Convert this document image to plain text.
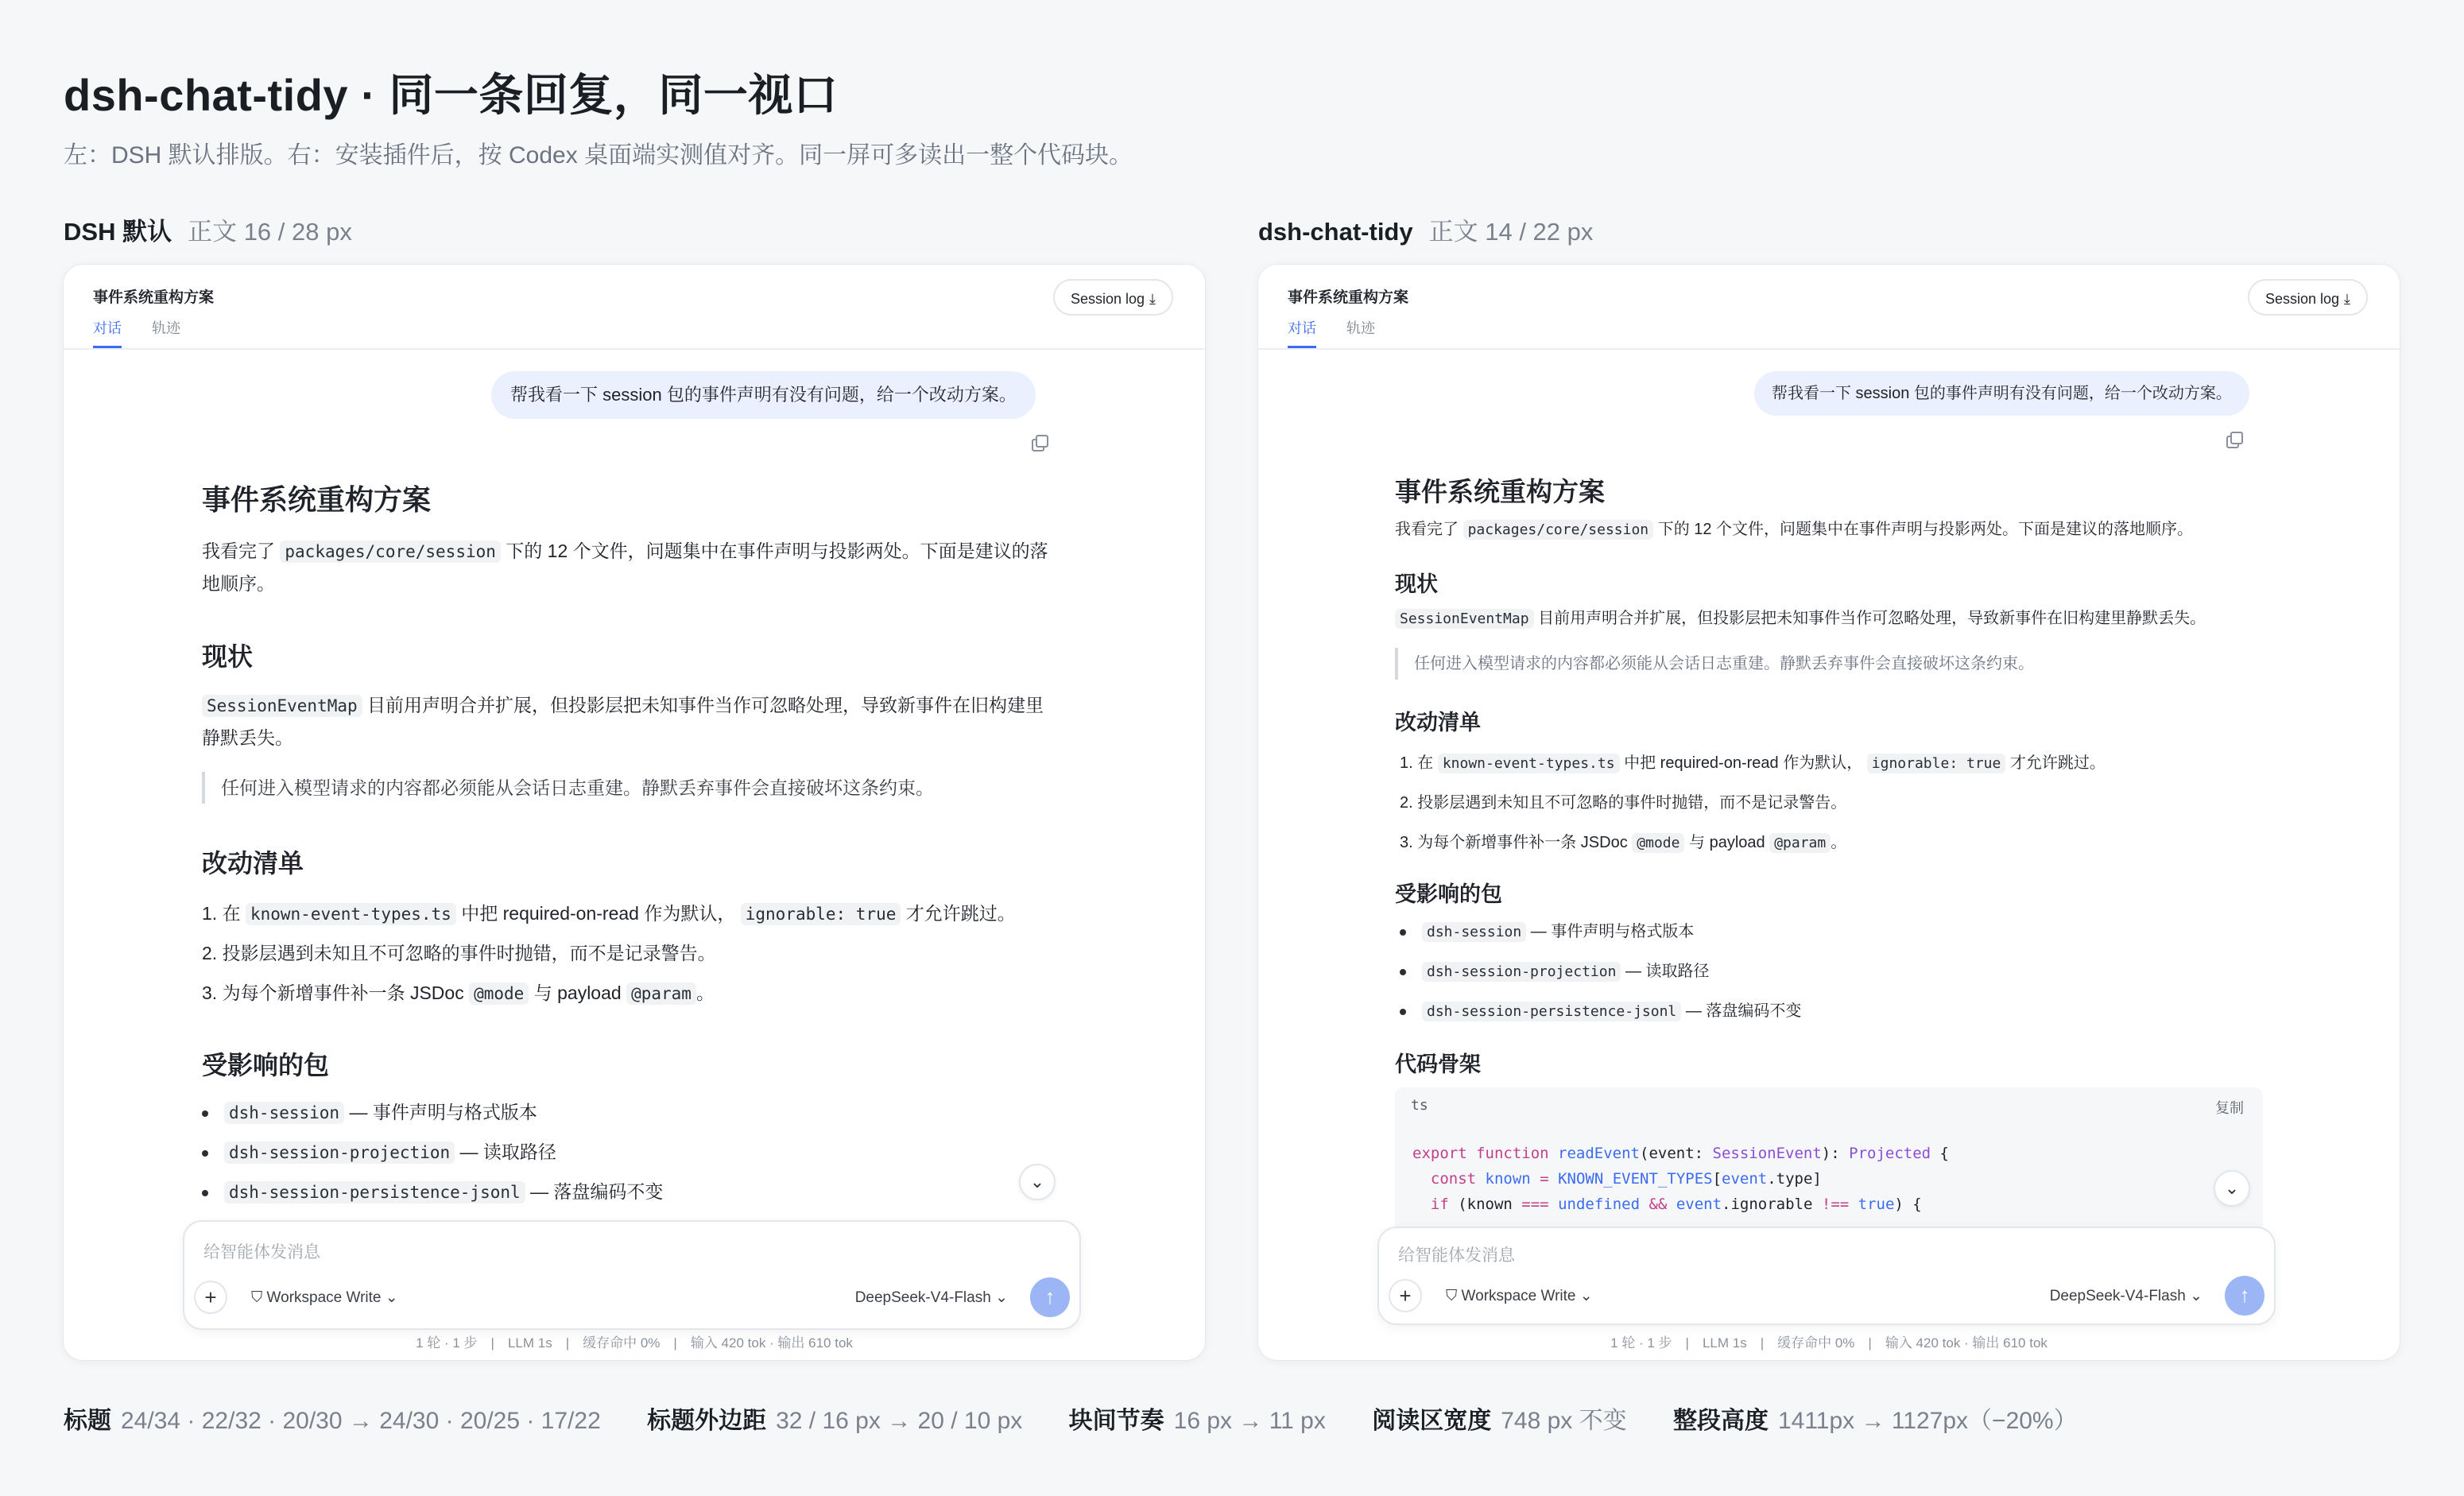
dsh-chat-tidy · 同一条回复，同一视口
左：DSH 默认排版。右：安装插件后，按 Codex 桌面端实测值对齐。同一屏可多读出一整个代码块。
DSH 默认 正文 16 / 28 px	dsh-chat-tidy 正文 14 / 22 px
事件系统重构方案
对话 轨迹
Session log ⤓
帮我看一下 session 包的事件声明有没有问题，给一个改动方案。
事件系统重构方案
我看完了 packages/core/session 下的 12 个文件，问题集中在事件声明与投影两处。下面是建议的落地顺序。
现状
SessionEventMap 目前用声明合并扩展，但投影层把未知事件当作可忽略处理，导致新事件在旧构建里静默丢失。
任何进入模型请求的内容都必须能从会话日志重建。静默丢弃事件会直接破坏这条约束。
改动清单
1. 在 known-event-types.ts 中把 required-on-read 作为默认， ignorable: true 才允许跳过。
2. 投影层遇到未知且不可忽略的事件时抛错，而不是记录警告。
3. 为每个新增事件补一条 JSDoc @mode 与 payload @param 。
受影响的包
dsh-session — 事件声明与格式版本
dsh-session-projection — 读取路径
dsh-session-persistence-jsonl — 落盘编码不变	⌄
给智能体发消息
+	⛉ Workspace Write ⌄	DeepSeek-V4-Flash ⌄	↑
1 轮 · 1 步　|　LLM 1s　|　缓存命中 0%　|　输入 420 tok · 输出 610 tok
事件系统重构方案
对话 轨迹
Session log ⤓
帮我看一下 session 包的事件声明有没有问题，给一个改动方案。
事件系统重构方案
我看完了 packages/core/session 下的 12 个文件，问题集中在事件声明与投影两处。下面是建议的落地顺序。
现状
SessionEventMap 目前用声明合并扩展，但投影层把未知事件当作可忽略处理，导致新事件在旧构建里静默丢失。
任何进入模型请求的内容都必须能从会话日志重建。静默丢弃事件会直接破坏这条约束。
改动清单
1. 在 known-event-types.ts 中把 required-on-read 作为默认， ignorable: true 才允许跳过。
2. 投影层遇到未知且不可忽略的事件时抛错，而不是记录警告。
3. 为每个新增事件补一条 JSDoc @mode 与 payload @param 。
受影响的包
dsh-session — 事件声明与格式版本
dsh-session-projection — 读取路径
dsh-session-persistence-jsonl — 落盘编码不变
代码骨架
ts	复制
export function readEvent(event: SessionEvent): Projected {
const known = KNOWN_EVENT_TYPES[event.type]
if (known === undefined && event.ignorable !== true) {
⌄
给智能体发消息
+	⛉ Workspace Write ⌄	DeepSeek-V4-Flash ⌄	↑
1 轮 · 1 步　|　LLM 1s　|　缓存命中 0%　|　输入 420 tok · 输出 610 tok
标题 24/34 · 22/32 · 20/30 → 24/30 · 20/25 · 17/22 标题外边距 32 / 16 px → 20 / 10 px 块间节奏 16 px → 11 px 阅读区宽度 748 px 不变 整段高度 1411px → 1127px（−20%）
